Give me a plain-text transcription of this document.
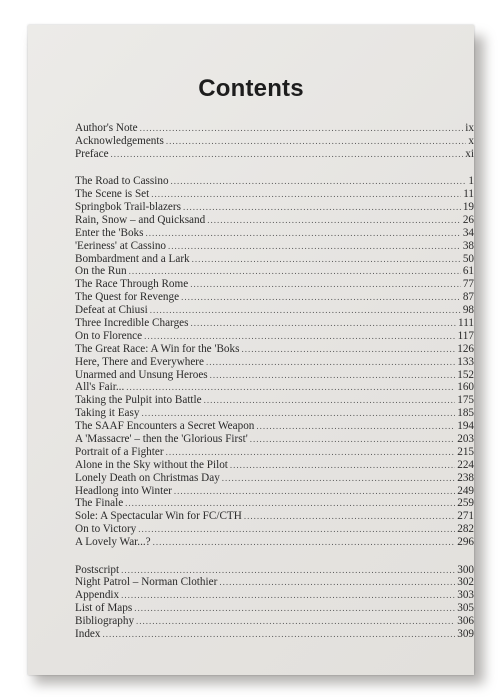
Contents
Author's Note .....	ix
Acknowledgements .....	x
Preface .....	xi
The Road to Cassino .....	1
The Scene is Set .....	11
Springbok Trail-blazers .....	19
Rain, Snow – and Quicksand .....	26
Enter the 'Boks .....	34
'Eeriness' at Cassino .....	38
Bombardment and a Lark .....	50
On the Run .....	61
The Race Through Rome .....	77
The Quest for Revenge .....	87
Defeat at Chiusi .....	98
Three Incredible Charges .....	111
On to Florence .....	117
The Great Race: A Win for the 'Boks .....	126
Here, There and Everywhere .....	133
Unarmed and Unsung Heroes .....	152
All's Fair... .....	160
Taking the Pulpit into Battle .....	175
Taking it Easy .....	185
The SAAF Encounters a Secret Weapon .....	194
A 'Massacre' – then the 'Glorious First' .....	203
Portrait of a Fighter .....	215
Alone in the Sky without the Pilot .....	224
Lonely Death on Christmas Day .....	238
Headlong into Winter .....	249
The Finale .....	259
Sole: A Spectacular Win for FC/CTH .....	271
On to Victory .....	282
A Lovely War...? .....	296
Postscript .....	300
Night Patrol – Norman Clothier .....	302
Appendix .....	303
List of Maps .....	305
Bibliography .....	306
Index .....	309
